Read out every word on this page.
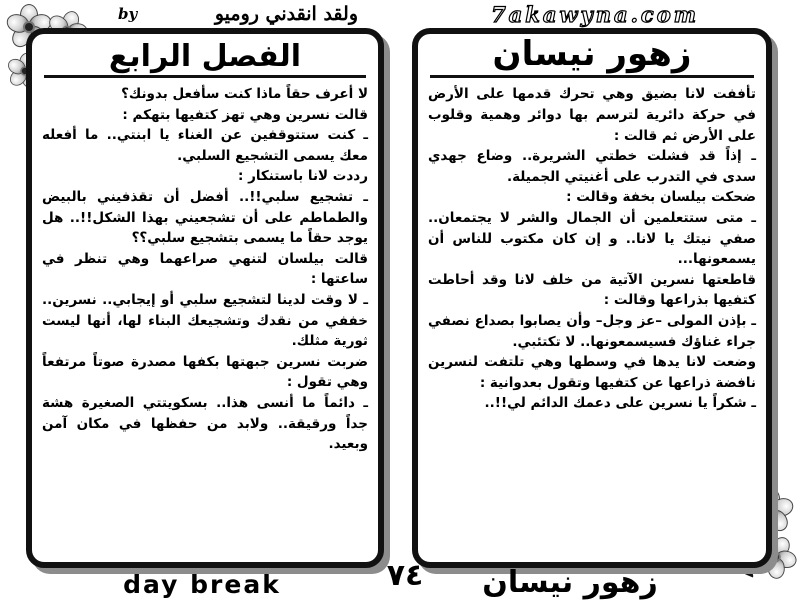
by	ولقد انقدني روميو	7akawyna.com
الفصل الرابع

لا أعرف حقاً ماذا كنت سأفعل بدونك؟

قالت نسرين وهي تهز كتفيها بتهكم :

ـ كنت ستتوقفين عن الغناء يا ابنتي.. ما أفعله معك يسمى التشجيع السلبي.

رددت لانا باستنكار :

ـ تشجيع سلبي!!.. أفضل أن تقذفيني بالبيض والطماطم على أن تشجعيني بهذا الشكل!!.. هل يوجد حقاً ما يسمى بتشجيع سلبي؟؟

قالت بيلسان لتنهي صراعهما وهي تنظر في ساعتها :

ـ لا وقت لدينا لتشجيع سلبي أو إيجابي.. نسرين.. خففي من نقدك وتشجيعك البناء لها، أنها ليست ثورية مثلك.

ضربت نسرين جبهتها بكفها مصدرة صوتاً مرتفعاً وهي تقول :

ـ دائماً ما أنسى هذا.. بسكويتتي الصغيرة هشة جداً ورقيقة.. ولابد من حفظها في مكان آمن وبعيد.

زهور نيسان

تأففت لانا بضيق وهي تحرك قدمها على الأرض في حركة دائرية لترسم بها دوائر وهمية وقلوب على الأرض ثم قالت :

ـ إذاً قد فشلت خطتي الشريرة.. وضاع جهدي سدى في التدرب على أغنيتي الجميلة.

ضحكت بيلسان بخفة وقالت :

ـ متى ستتعلمين أن الجمال والشر لا يجتمعان.. صفي نيتك يا لانا.. و إن كان مكتوب للناس أن يسمعونها...

قاطعتها نسرين الآتية من خلف لانا وقد أحاطت كتفيها بذراعها وقالت :

ـ بإذن المولى –عز وجل– وأن يصابوا بصداع نصفي جراء غناؤك فسيسمعونها.. لا تكتئبي.

وضعت لانا يدها في وسطها وهي تلتفت لنسرين نافضة ذراعها عن كتفيها وتقول بعدوانية :

ـ شكراً يا نسرين على دعمك الدائم لي!!..

day break	٧٤	زهور نيسان
